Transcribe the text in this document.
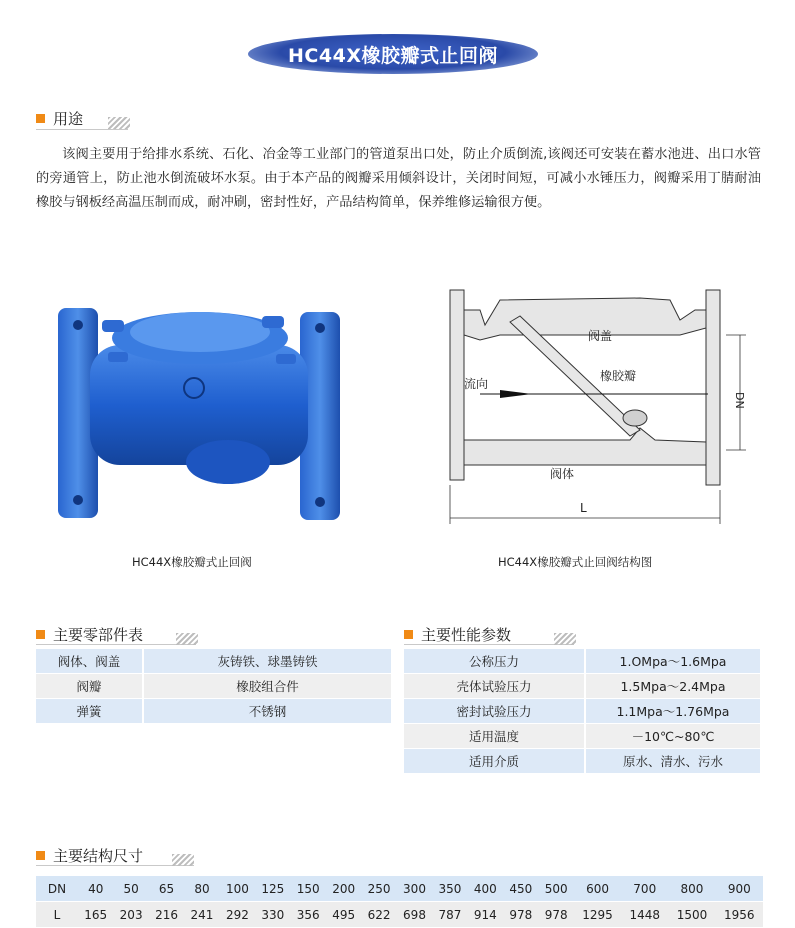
HC44X橡胶瓣式止回阀
用途
该阀主要用于给排水系统、石化、冶金等工业部门的管道泵出口处，防止介质倒流,该阀还可安装在蓄水池进、出口水管的旁通管上，防止池水倒流破坏水泵。由于本产品的阀瓣采用倾斜设计，关闭时间短，可减小水锤压力，阀瓣采用丁腈耐油橡胶与钢板经高温压制而成，耐冲刷，密封性好，产品结构简单，保养维修运输很方便。
HC44X橡胶瓣式止回阀
阀盖
橡胶瓣
流向
阀体
DN
L
HC44X橡胶瓣式止回阀结构图
主要零部件表
阀体、阀盖	灰铸铁、球墨铸铁
阀瓣	橡胶组合件
弹簧	不锈钢
主要性能参数
公称压力	1.OMpa～1.6Mpa
壳体试验压力	1.5Mpa～2.4Mpa
密封试验压力	1.1Mpa～1.76Mpa
适用温度	－10℃~80℃
适用介质	原水、清水、污水
主要结构尺寸
DN	40	50	65	80	100	125	150	200	250	300	350	400	450	500	600	700	800	900
L	165	203	216	241	292	330	356	495	622	698	787	914	978	978	1295	1448	1500	1956
